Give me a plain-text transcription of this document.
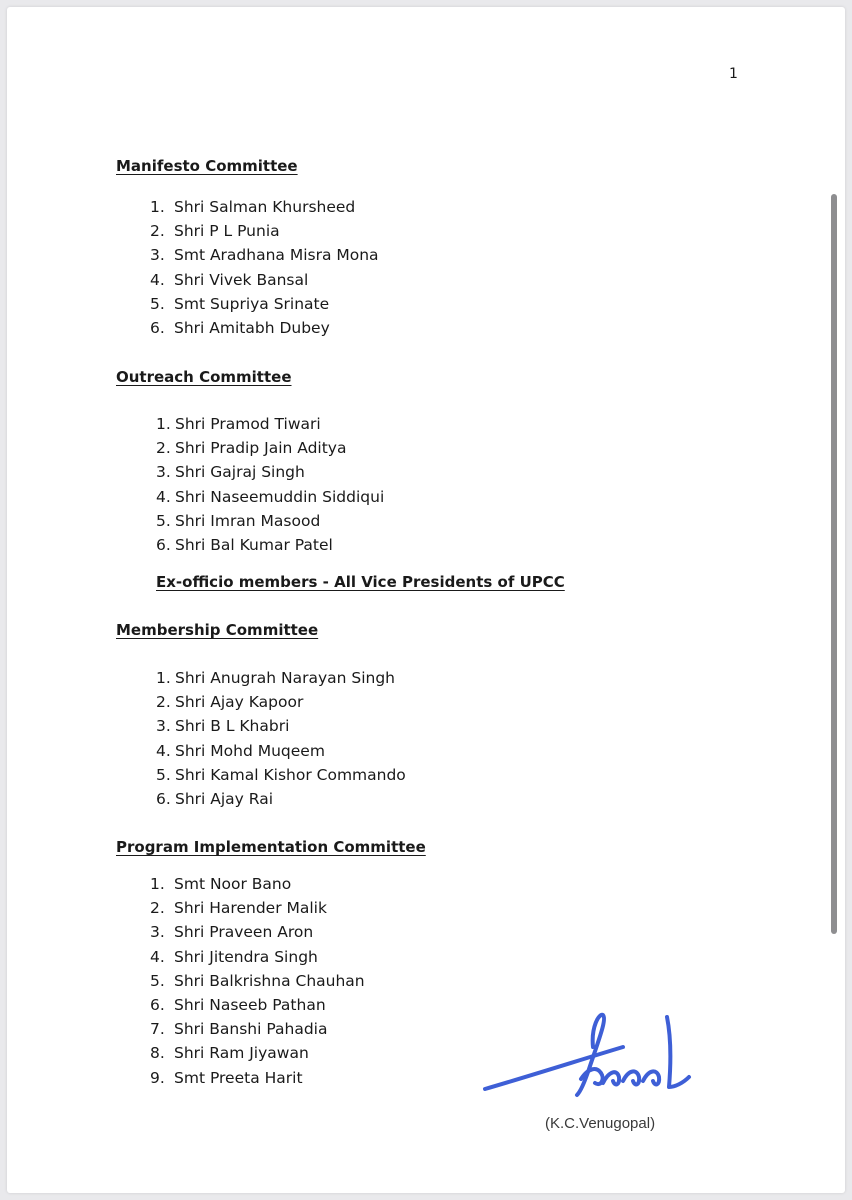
1
Manifesto Committee
1. Shri Salman Khursheed
2. Shri P L Punia
3. Smt Aradhana Misra Mona
4. Shri Vivek Bansal
5. Smt Supriya Srinate
6. Shri Amitabh Dubey
Outreach Committee
1. Shri Pramod Tiwari
2. Shri Pradip Jain Aditya
3. Shri Gajraj Singh
4. Shri Naseemuddin Siddiqui
5. Shri Imran Masood
6. Shri Bal Kumar Patel
Ex-officio members - All Vice Presidents of UPCC
Membership Committee
1. Shri Anugrah Narayan Singh
2. Shri Ajay Kapoor
3. Shri B L Khabri
4. Shri Mohd Muqeem
5. Shri Kamal Kishor Commando
6. Shri Ajay Rai
Program Implementation Committee
1. Smt Noor Bano
2. Shri Harender Malik
3. Shri Praveen Aron
4. Shri Jitendra Singh
5. Shri Balkrishna Chauhan
6. Shri Naseeb Pathan
7. Shri Banshi Pahadia
8. Shri Ram Jiyawan
9. Smt Preeta Harit
(K.C.Venugopal)
